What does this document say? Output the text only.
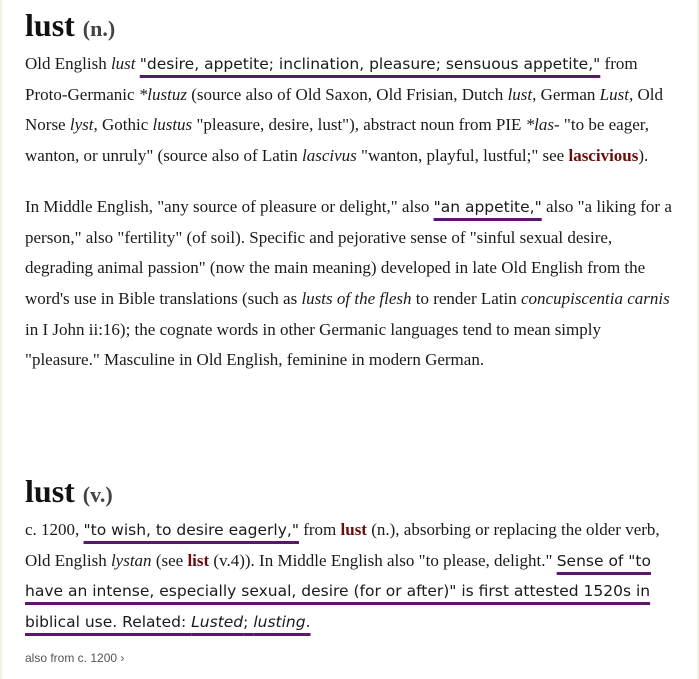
lust (n.)

Old English lust "desire, appetite; inclination, pleasure; sensuous appetite," from Proto-Germanic *lustuz (source also of Old Saxon, Old Frisian, Dutch lust, German Lust, Old Norse lyst, Gothic lustus "pleasure, desire, lust"), abstract noun from PIE *las- "to be eager, wanton, or unruly" (source also of Latin lascivus "wanton, playful, lustful;" see lascivious).

In Middle English, "any source of pleasure or delight," also "an appetite," also "a liking for a person," also "fertility" (of soil). Specific and pejorative sense of "sinful sexual desire, degrading animal passion" (now the main meaning) developed in late Old English from the word's use in Bible translations (such as lusts of the flesh to render Latin concupiscentia carnis in I John ii:16); the cognate words in other Germanic languages tend to mean simply "pleasure." Masculine in Old English, feminine in modern German.

lust (v.)

c. 1200, "to wish, to desire eagerly," from lust (n.), absorbing or replacing the older verb, Old English lystan (see list (v.4)). In Middle English also "to please, delight." Sense of "to have an intense, especially sexual, desire (for or after)" is first attested 1520s in biblical use. Related: Lusted; lusting.

also from c. 1200 ›
